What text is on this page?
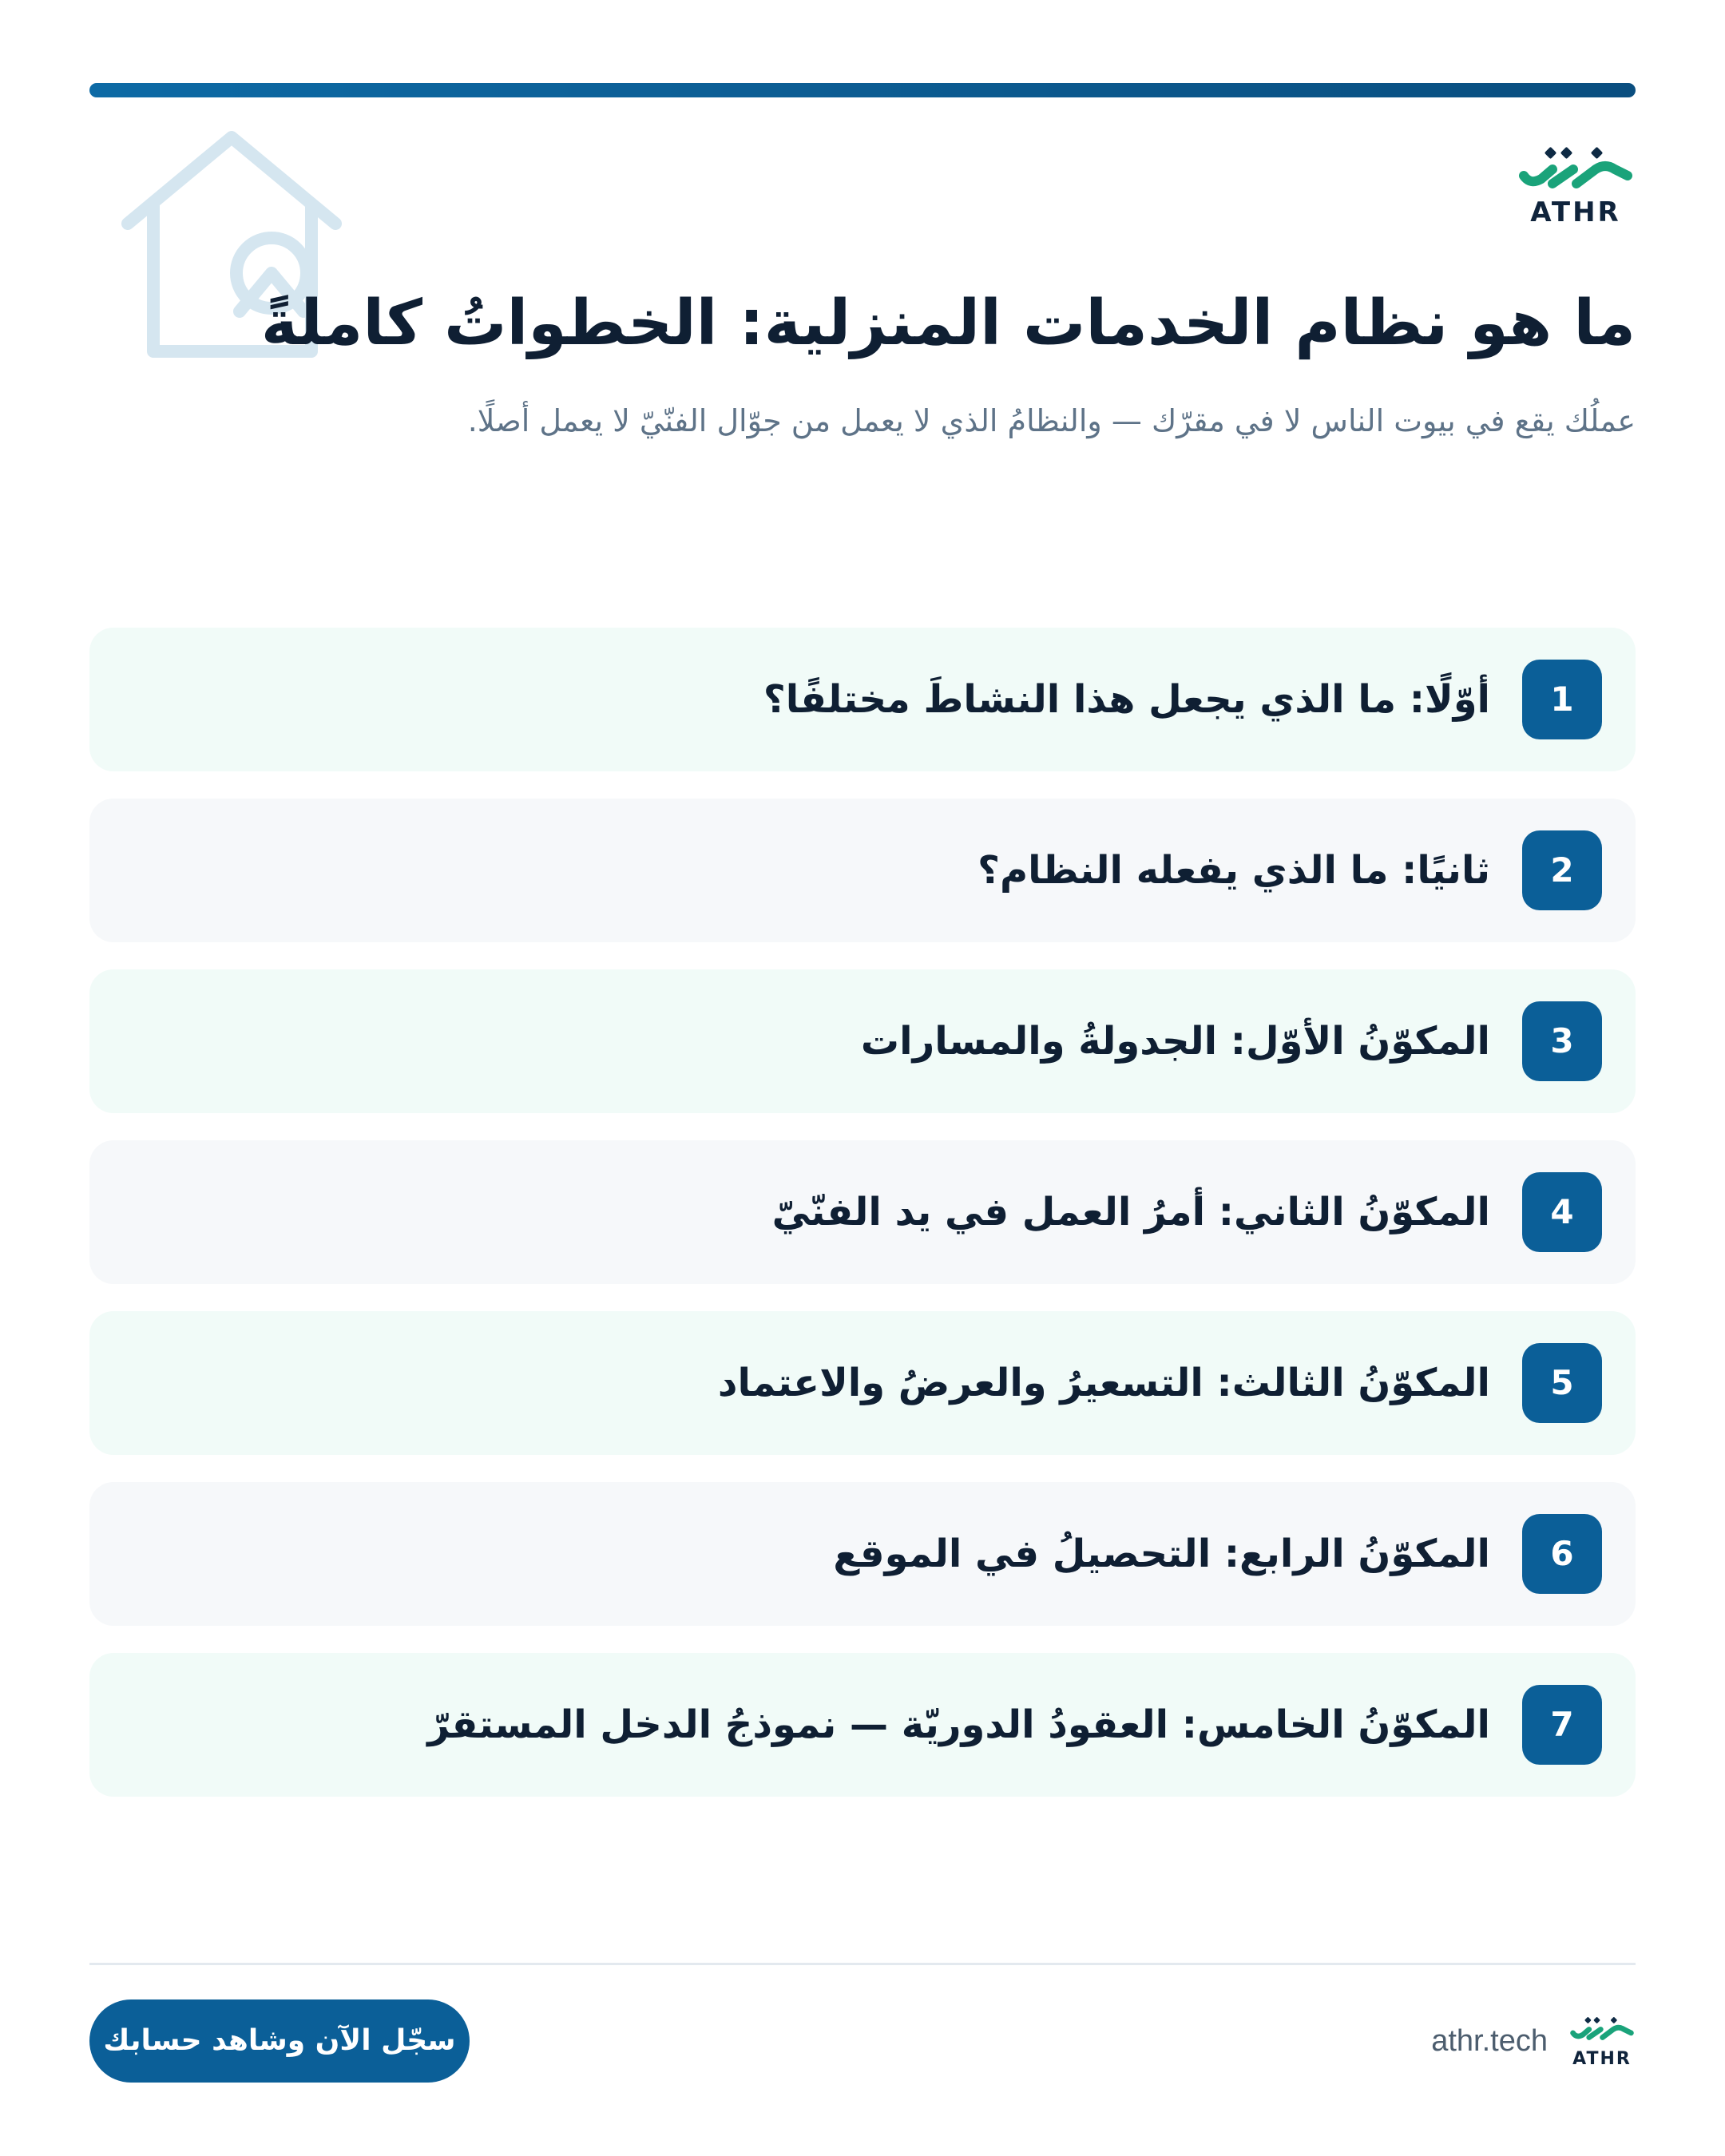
ATHR
ما هو نظام الخدمات المنزلية: الخطواتُ كاملةً

عملُك يقع في بيوت الناس لا في مقرّك — والنظامُ الذي لا يعمل من جوّال الفنّيّ لا يعمل أصلًا.

1
أوّلًا: ما الذي يجعل هذا النشاطَ مختلفًا؟
2
ثانيًا: ما الذي يفعله النظام؟
3
المكوّنُ الأوّل: الجدولةُ والمسارات
4
المكوّنُ الثاني: أمرُ العمل في يد الفنّيّ
5
المكوّنُ الثالث: التسعيرُ والعرضُ والاعتماد
6
المكوّنُ الرابع: التحصيلُ في الموقع
7
المكوّنُ الخامس: العقودُ الدوريّة — نموذجُ الدخل المستقرّ
سجّل الآن وشاهد حسابك	athr.tech
ATHR
